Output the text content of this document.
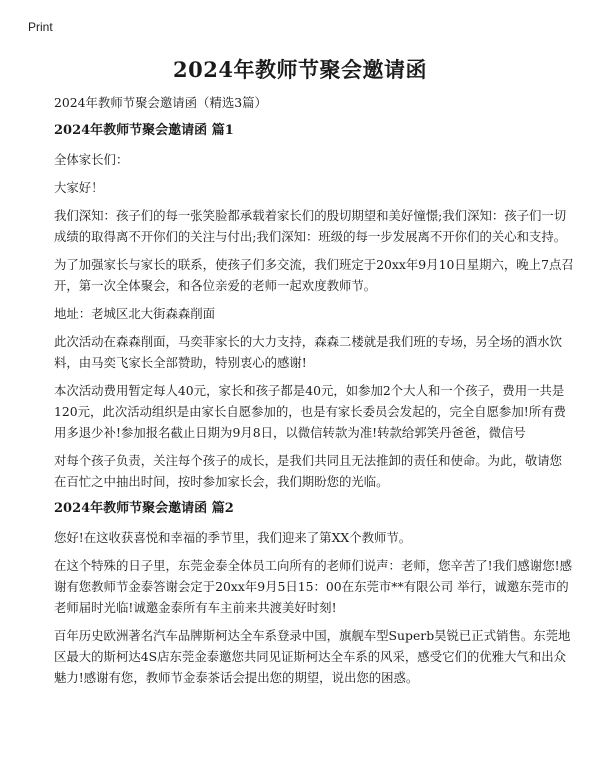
Print
2024年教师节聚会邀请函

2024年教师节聚会邀请函（精选3篇）

2024年教师节聚会邀请函 篇1

全体家长们：

大家好！

我们深知：孩子们的每一张笑脸都承载着家长们的殷切期望和美好憧憬;我们深知：孩子们一切成绩的取得离不开你们的关注与付出;我们深知：班级的每一步发展离不开你们的关心和支持。

为了加强家长与家长的联系，使孩子们多交流，我们班定于20xx年9月10日星期六，晚上7点召开，第一次全体聚会，和各位亲爱的老师一起欢度教师节。

地址：老城区北大街森森削面

此次活动在森森削面，马奕菲家长的大力支持，森森二楼就是我们班的专场，另全场的酒水饮料，由马奕飞家长全部赞助，特别衷心的感谢!

本次活动费用暂定每人40元，家长和孩子都是40元，如参加2个大人和一个孩子，费用一共是120元，此次活动组织是由家长自愿参加的，也是有家长委员会发起的，完全自愿参加!所有费用多退少补!参加报名截止日期为9月8日，以微信转款为准!转款给郭笑丹爸爸，微信号

对每个孩子负责，关注每个孩子的成长，是我们共同且无法推卸的责任和使命。为此，敬请您在百忙之中抽出时间，按时参加家长会，我们期盼您的光临。

2024年教师节聚会邀请函 篇2

您好!在这收获喜悦和幸福的季节里，我们迎来了第XX个教师节。

在这个特殊的日子里，东莞金泰全体员工向所有的老师们说声：老师，您辛苦了!我们感谢您!感谢有您教师节金泰答谢会定于20xx年9月5日15：00在东莞市**有限公司 举行，诚邀东莞市的老师届时光临!诚邀金泰所有车主前来共渡美好时刻!

百年历史欧洲著名汽车品牌斯柯达全车系登录中国，旗舰车型Superb昊锐已正式销售。东莞地区最大的斯柯达4S店东莞金泰邀您共同见证斯柯达全车系的风采，感受它们的优雅大气和出众魅力!感谢有您，教师节金泰茶话会提出您的期望，说出您的困惑。
